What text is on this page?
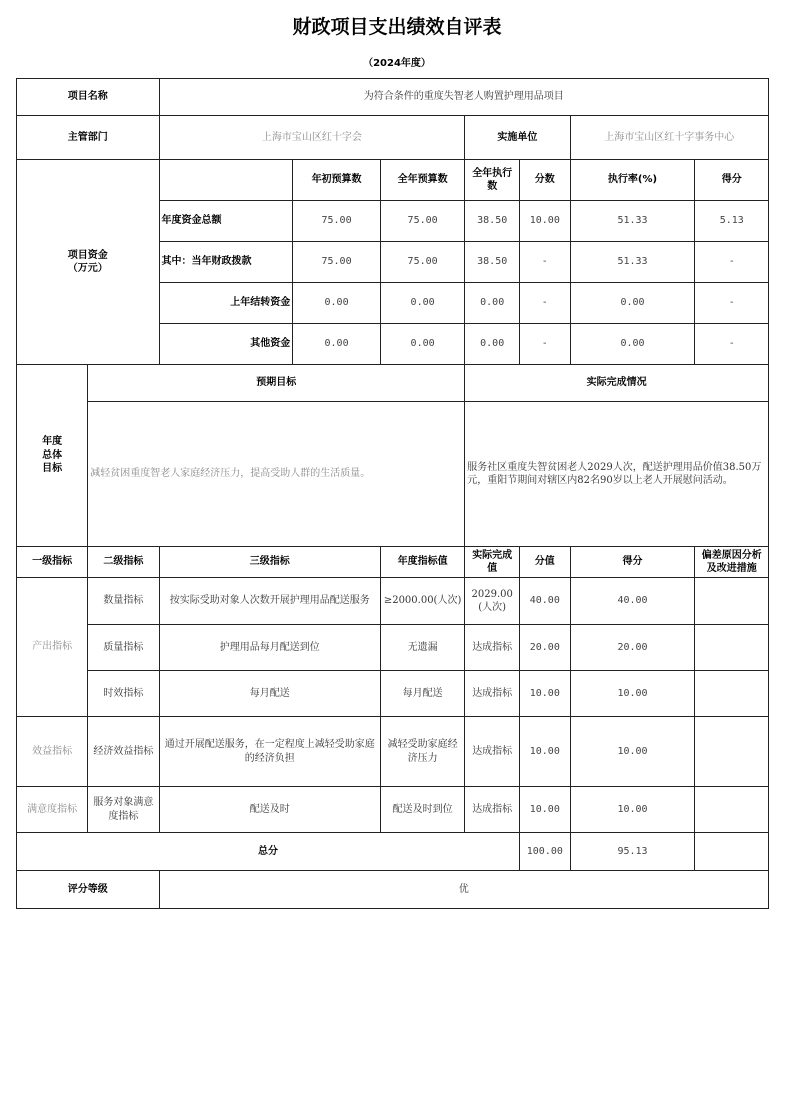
财政项目支出绩效自评表
（2024年度）
项目名称		为符合条件的重度失智老人购置护理用品项目						
主管部门		上海市宝山区红十字会			实施单位		上海市宝山区红十字事务中心	
项目资金
（万元）			年初预算数	全年预算数	全年执行数	分数	执行率(%)	得分
		年度资金总额	75.00	75.00	38.50	10.00	51.33	5.13
		其中：当年财政拨款	75.00	75.00	38.50	-	51.33	-
		上年结转资金	0.00	0.00	0.00	-	0.00	-
		其他资金	0.00	0.00	0.00	-	0.00	-
年度
总体
目标	预期目标				实际完成情况			
	减轻贫困重度智老人家庭经济压力，提高受助人群的生活质量。				服务社区重度失智贫困老人2029人次，配送护理用品价值38.50万元，重阳节期间对辖区内82名90岁以上老人开展慰问活动。			
一级指标	二级指标	三级指标		年度指标值	实际完成值	分值	得分	偏差原因分析及改进措施
产出指标	数量指标	按实际受助对象人次数开展护理用品配送服务		≥2000.00(人次)	2029.00(人次)	40.00	40.00	
	质量指标	护理用品每月配送到位		无遗漏	达成指标	20.00	20.00	
	时效指标	每月配送		每月配送	达成指标	10.00	10.00	
效益指标	经济效益指标	通过开展配送服务，在一定程度上减轻受助家庭的经济负担		减轻受助家庭经济压力	达成指标	10.00	10.00	
满意度指标	服务对象满意度指标	配送及时		配送及时到位	达成指标	10.00	10.00	
总分						100.00	95.13	
评分等级		优						
